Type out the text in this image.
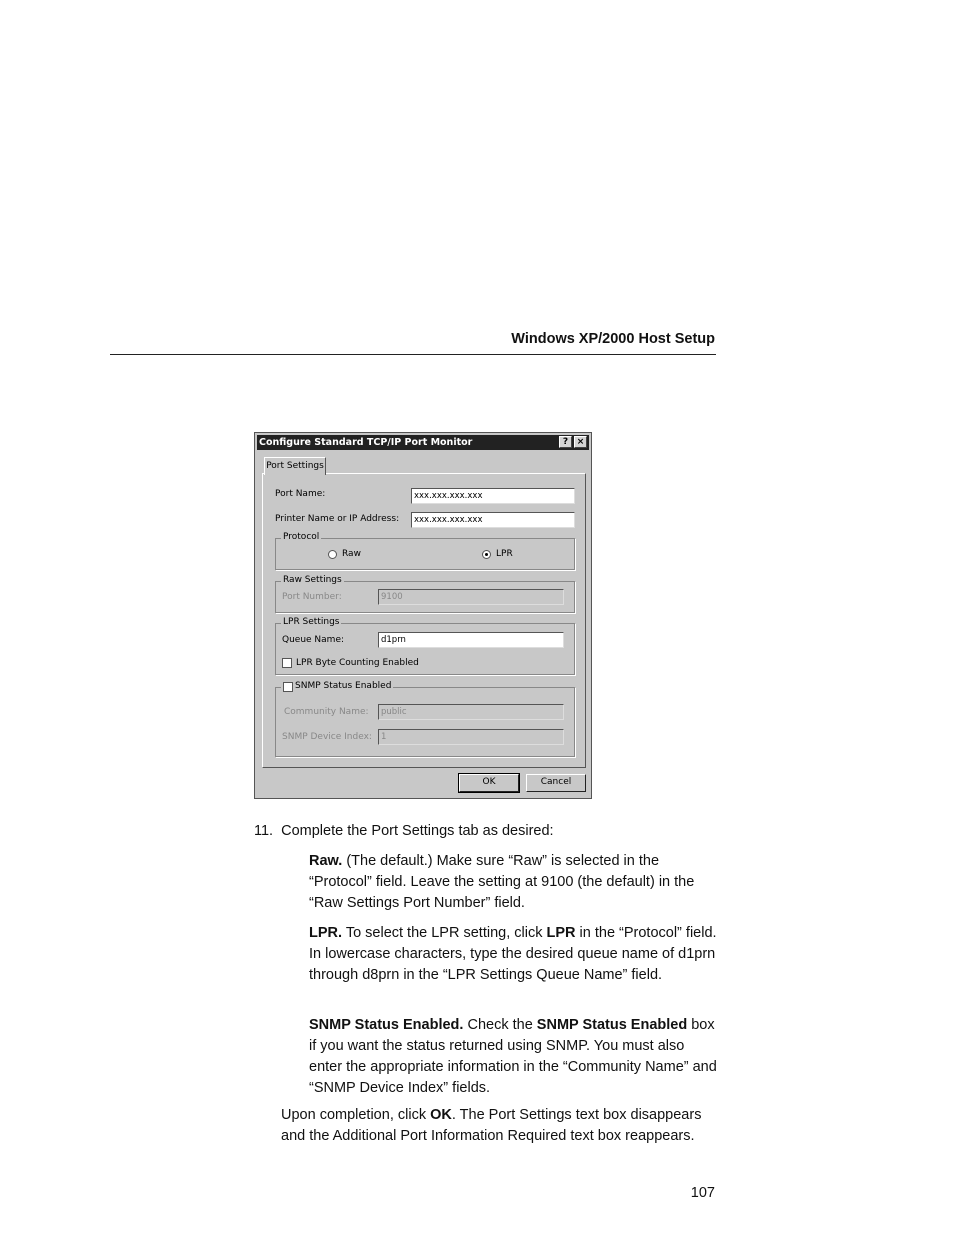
Windows XP/2000 Host Setup
Configure Standard TCP/IP Port Monitor	? ×
Port Settings
Port Name:	xxx.xxx.xxx.xxx
Printer Name or IP Address:	xxx.xxx.xxx.xxx
Protocol
Raw	LPR
Raw Settings
Port Number:	9100
LPR Settings
Queue Name:	d1prn
LPR Byte Counting Enabled
SNMP Status Enabled
Community Name:	public
SNMP Device Index:	1
OK	Cancel
11. Complete the Port Settings tab as desired:
Raw. (The default.) Make sure “Raw” is selected in the “Protocol” field. Leave the setting at 9100 (the default) in the “Raw Settings Port Number” field.
LPR. To select the LPR setting, click LPR in the “Protocol” field. In lowercase characters, type the desired queue name of d1prn through d8prn in the “LPR Settings Queue Name” field.
SNMP Status Enabled. Check the SNMP Status Enabled box if you want the status returned using SNMP. You must also enter the appropriate information in the “Community Name” and “SNMP Device Index” fields.
Upon completion, click OK. The Port Settings text box disappears and the Additional Port Information Required text box reappears.
107
